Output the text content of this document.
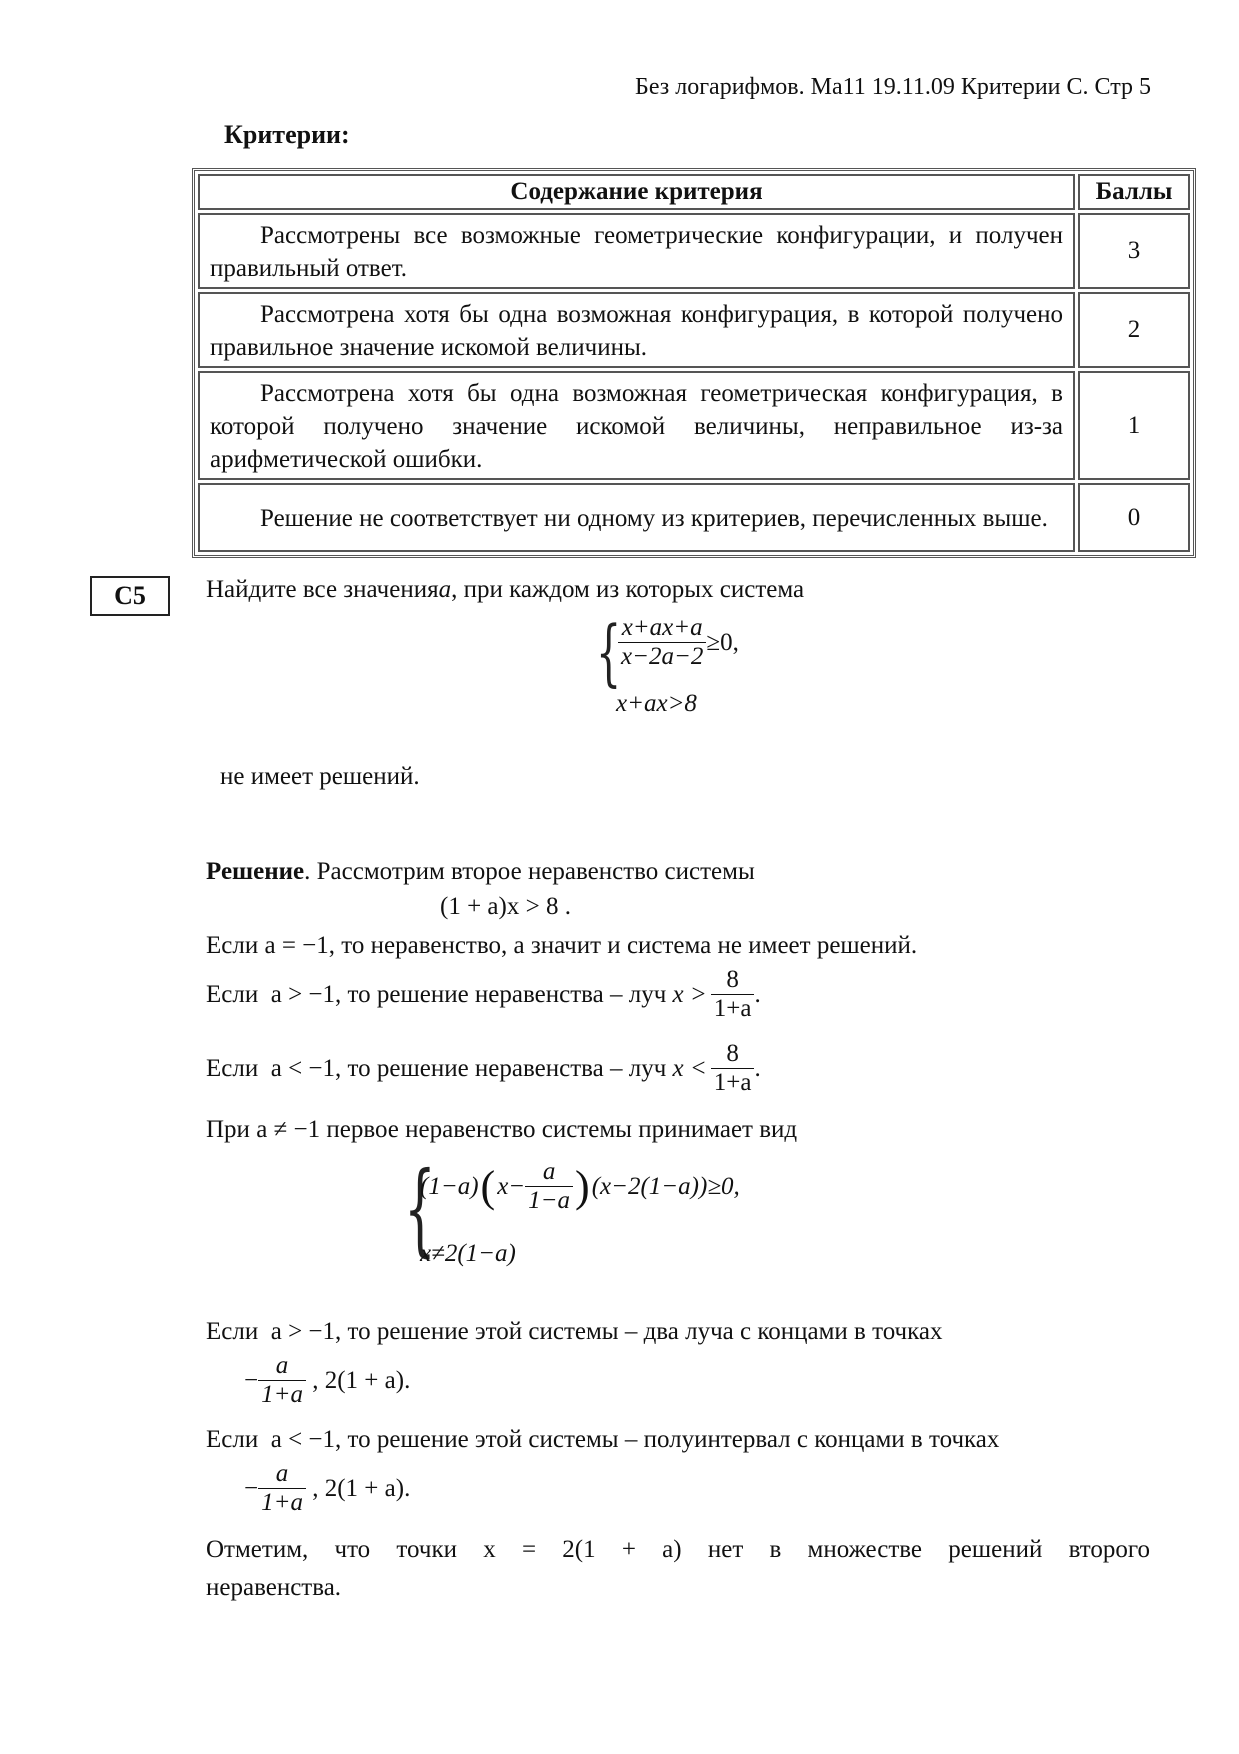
Без логарифмов. Ма11 19.11.09 Критерии С. Стр 5
Критерии:
Содержание критерия	Баллы
Рассмотрены все возможные геометрические конфигурации, и получен правильный ответ.	3
Рассмотрена хотя бы одна возможная конфигурация, в которой получено правильное значение искомой величины.	2
Рассмотрена хотя бы одна возможная геометрическая конфигурация, в которой получено значение искомой величины, неправильное из-за арифметической ошибки.	1
Решение не соответствует ни одному из критериев, перечисленных выше.	0
C5	Найдите все значенияa, при каждом из которых система
{
$\frac{x+ax+a}{x-2a-2} \ge 0$,
x+ax>8
не имеет решений.
Решение. Рассмотрим второе неравенство системы
(1 + a)x > 8 .
Если a = −1, то неравенство, а значит и система не имеет решений.
Если
a > −1 , то решение неравенства – луч
$x > \frac{8}{1+a}$ .
Если
a < −1 , то решение неравенства – луч
$x < \frac{8}{1+a}$ .
При a ≠ −1 первое неравенство системы принимает вид
{
(1−a) ( $x- \frac{a}{1-a}$ ) (x−2(1−a))≥0,
x≠2(1−a)
Если a > −1, то решение этой системы – два луча с концами в точках
− $\frac{a}{1+a}$
, 2(1 + a).
Если a < −1, то решение этой системы – полуинтервал с концами в точках
− $\frac{a}{1+a}$
, 2(1 + a).
Отметим, что точки x = 2(1 + a) нет в множестве решений второго
неравенства.
